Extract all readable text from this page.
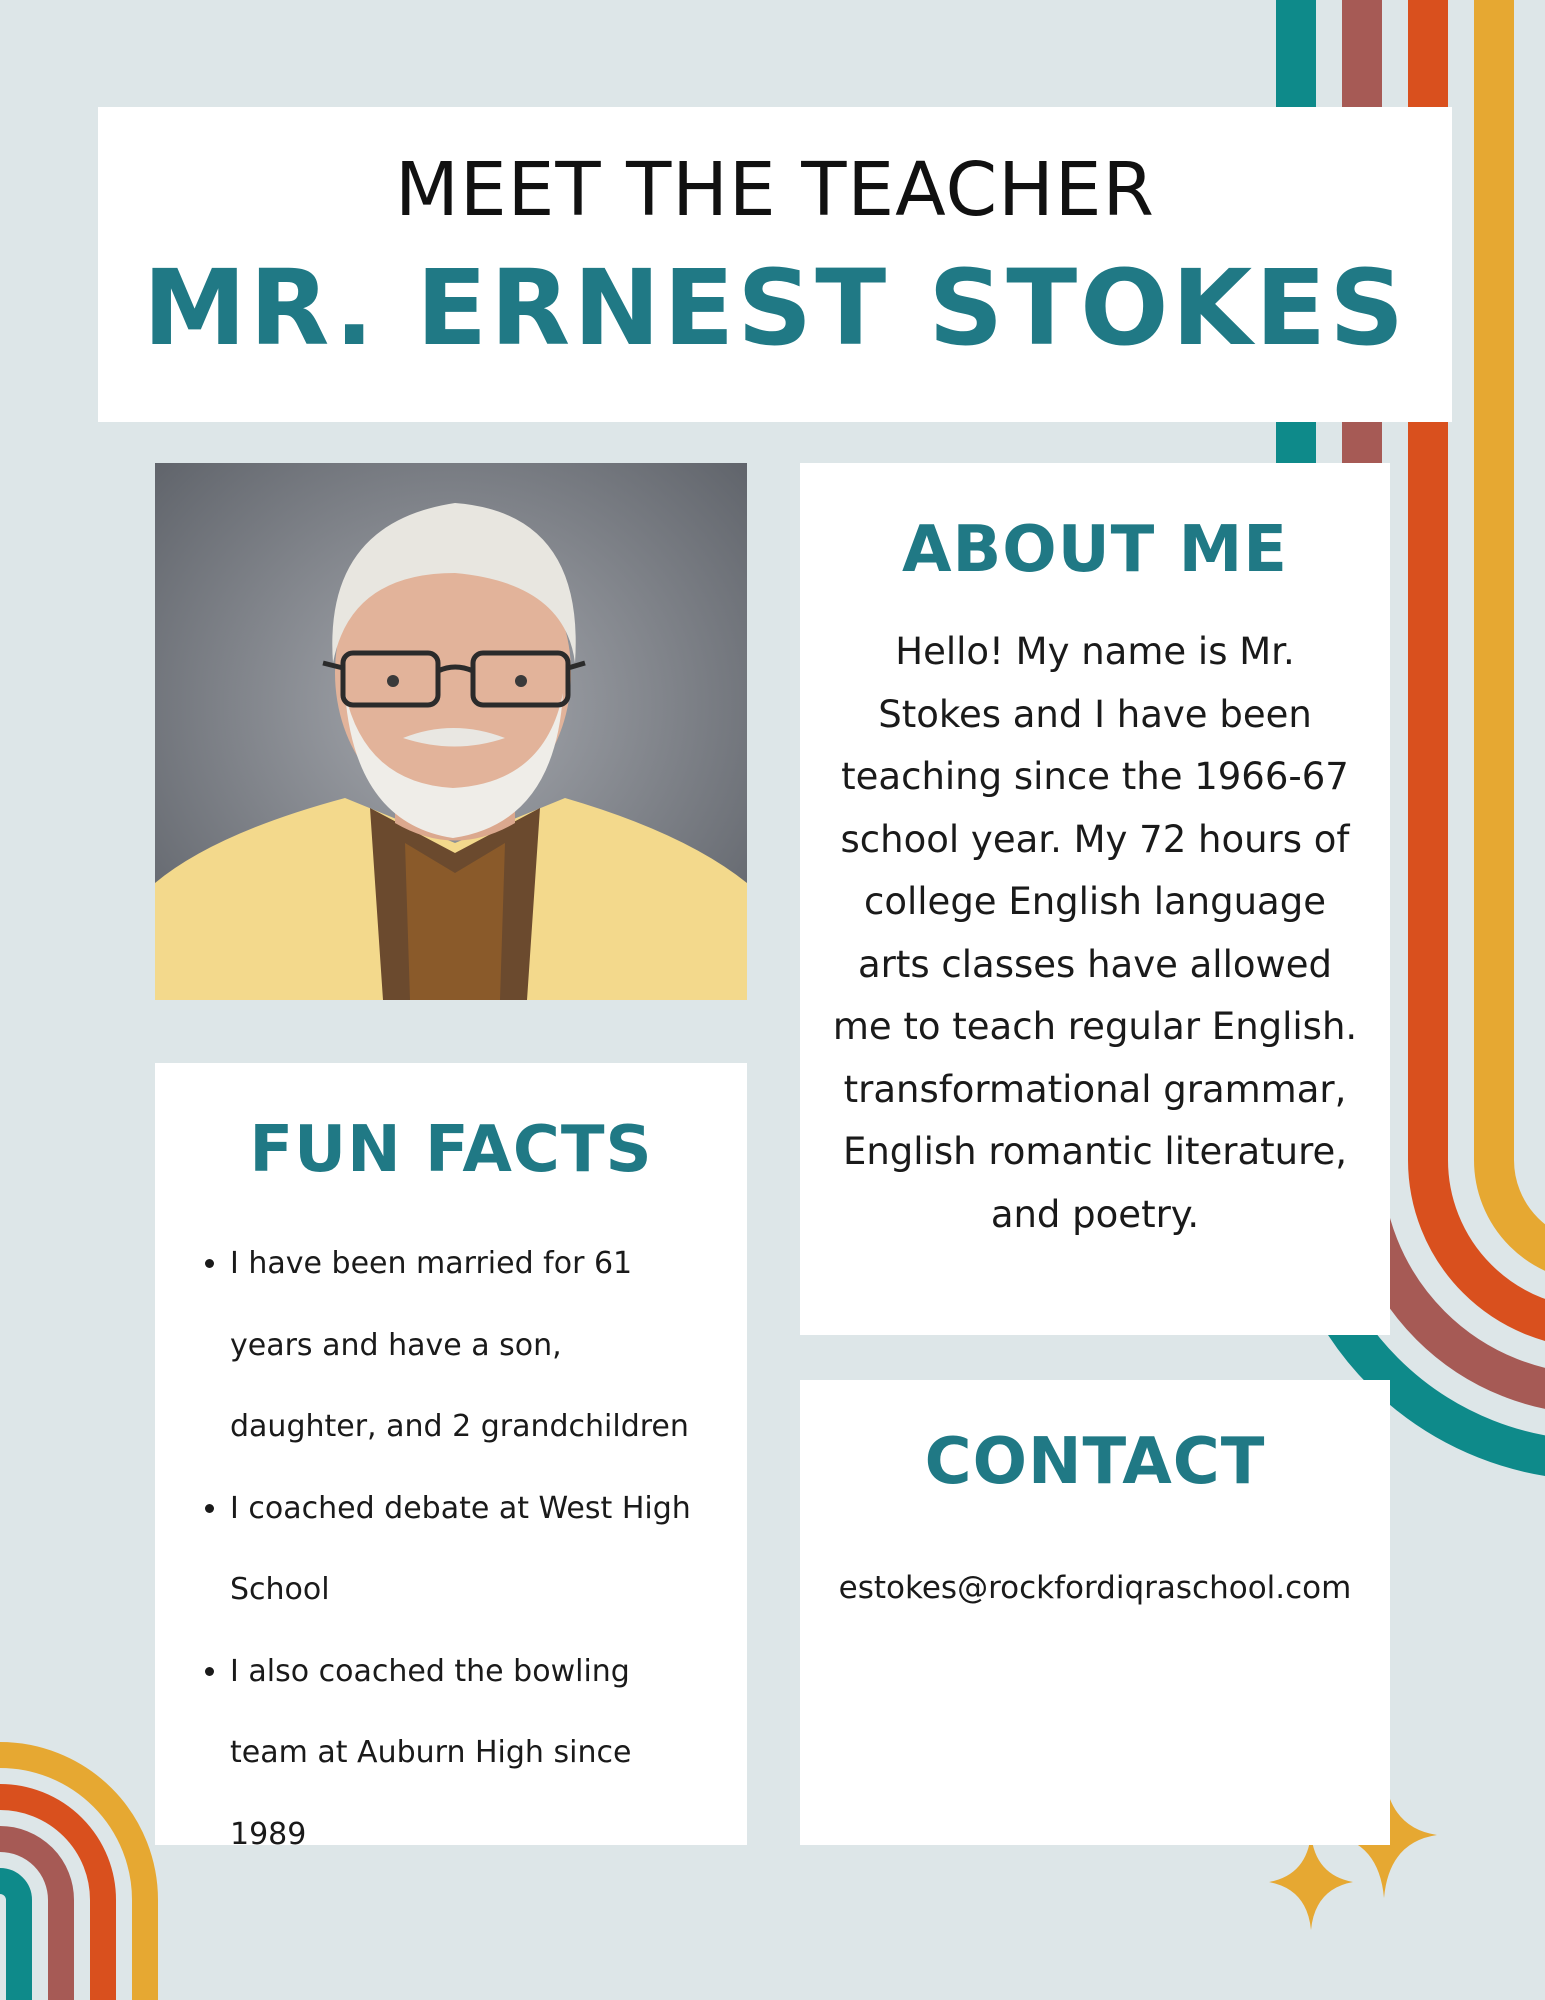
MEET THE TEACHER
MR. ERNEST STOKES
ABOUT ME
Hello! My name is Mr. Stokes and I have been teaching since the 1966-67 school year. My 72 hours of college English language arts classes have allowed me to teach regular English. transformational grammar, English romantic literature, and poetry.
FUN FACTS
• I have been married for 61 years and have a son, daughter, and 2 grandchildren
• I coached debate at West High School
• I also coached the bowling team at Auburn High since 1989
CONTACT
estokes@rockfordiqraschool.com
